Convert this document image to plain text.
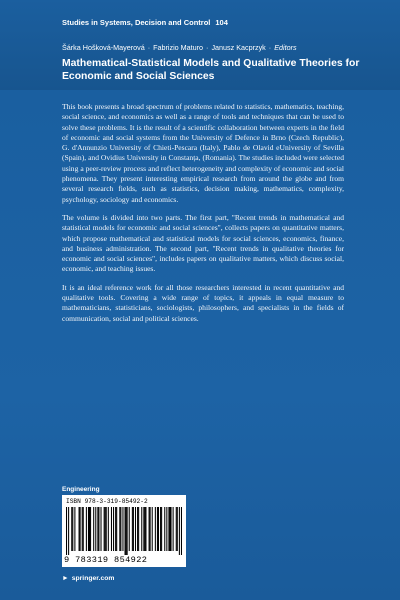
Studies in Systems, Decision and Control 104
Šárka Hošková-Mayerová · Fabrizio Maturo · Janusz Kacprzyk · Editors
Mathematical-Statistical Models and Qualitative Theories for Economic and Social Sciences

This book presents a broad spectrum of problems related to statistics, mathematics, teaching, social science, and economics as well as a range of tools and techniques that can be used to solve these problems. It is the result of a scientific collaboration between experts in the field of economic and social systems from the University of Defence in Brno (Czech Republic), G. d'Annunzio University of Chieti-Pescara (Italy), Pablo de Olavid eUniversity of Sevilla (Spain), and Ovidius University in Constanța, (Romania). The studies included were selected using a peer-review process and reflect heterogeneity and complexity of economic and social phenomena. They present interesting empirical research from around the globe and from several research fields, such as statistics, decision making, mathematics, complexity, psychology, sociology and economics.

The volume is divided into two parts. The first part, "Recent trends in mathematical and statistical models for economic and social sciences", collects papers on quantitative matters, which propose mathematical and statistical models for social sciences, economics, finance, and business administration. The second part, "Recent trends in qualitative theories for economic and social sciences", includes papers on qualitative matters, which discuss social, economic, and teaching issues.

It is an ideal reference work for all those researchers interested in recent quantitative and qualitative tools. Covering a wide range of topics, it appeals in equal measure to mathematicians, statisticians, sociologists, philosophers, and specialists in the fields of communication, social and political sciences.

Engineering
ISBN 978-3-319-85492-2
9 783319 854922
► springer.com
